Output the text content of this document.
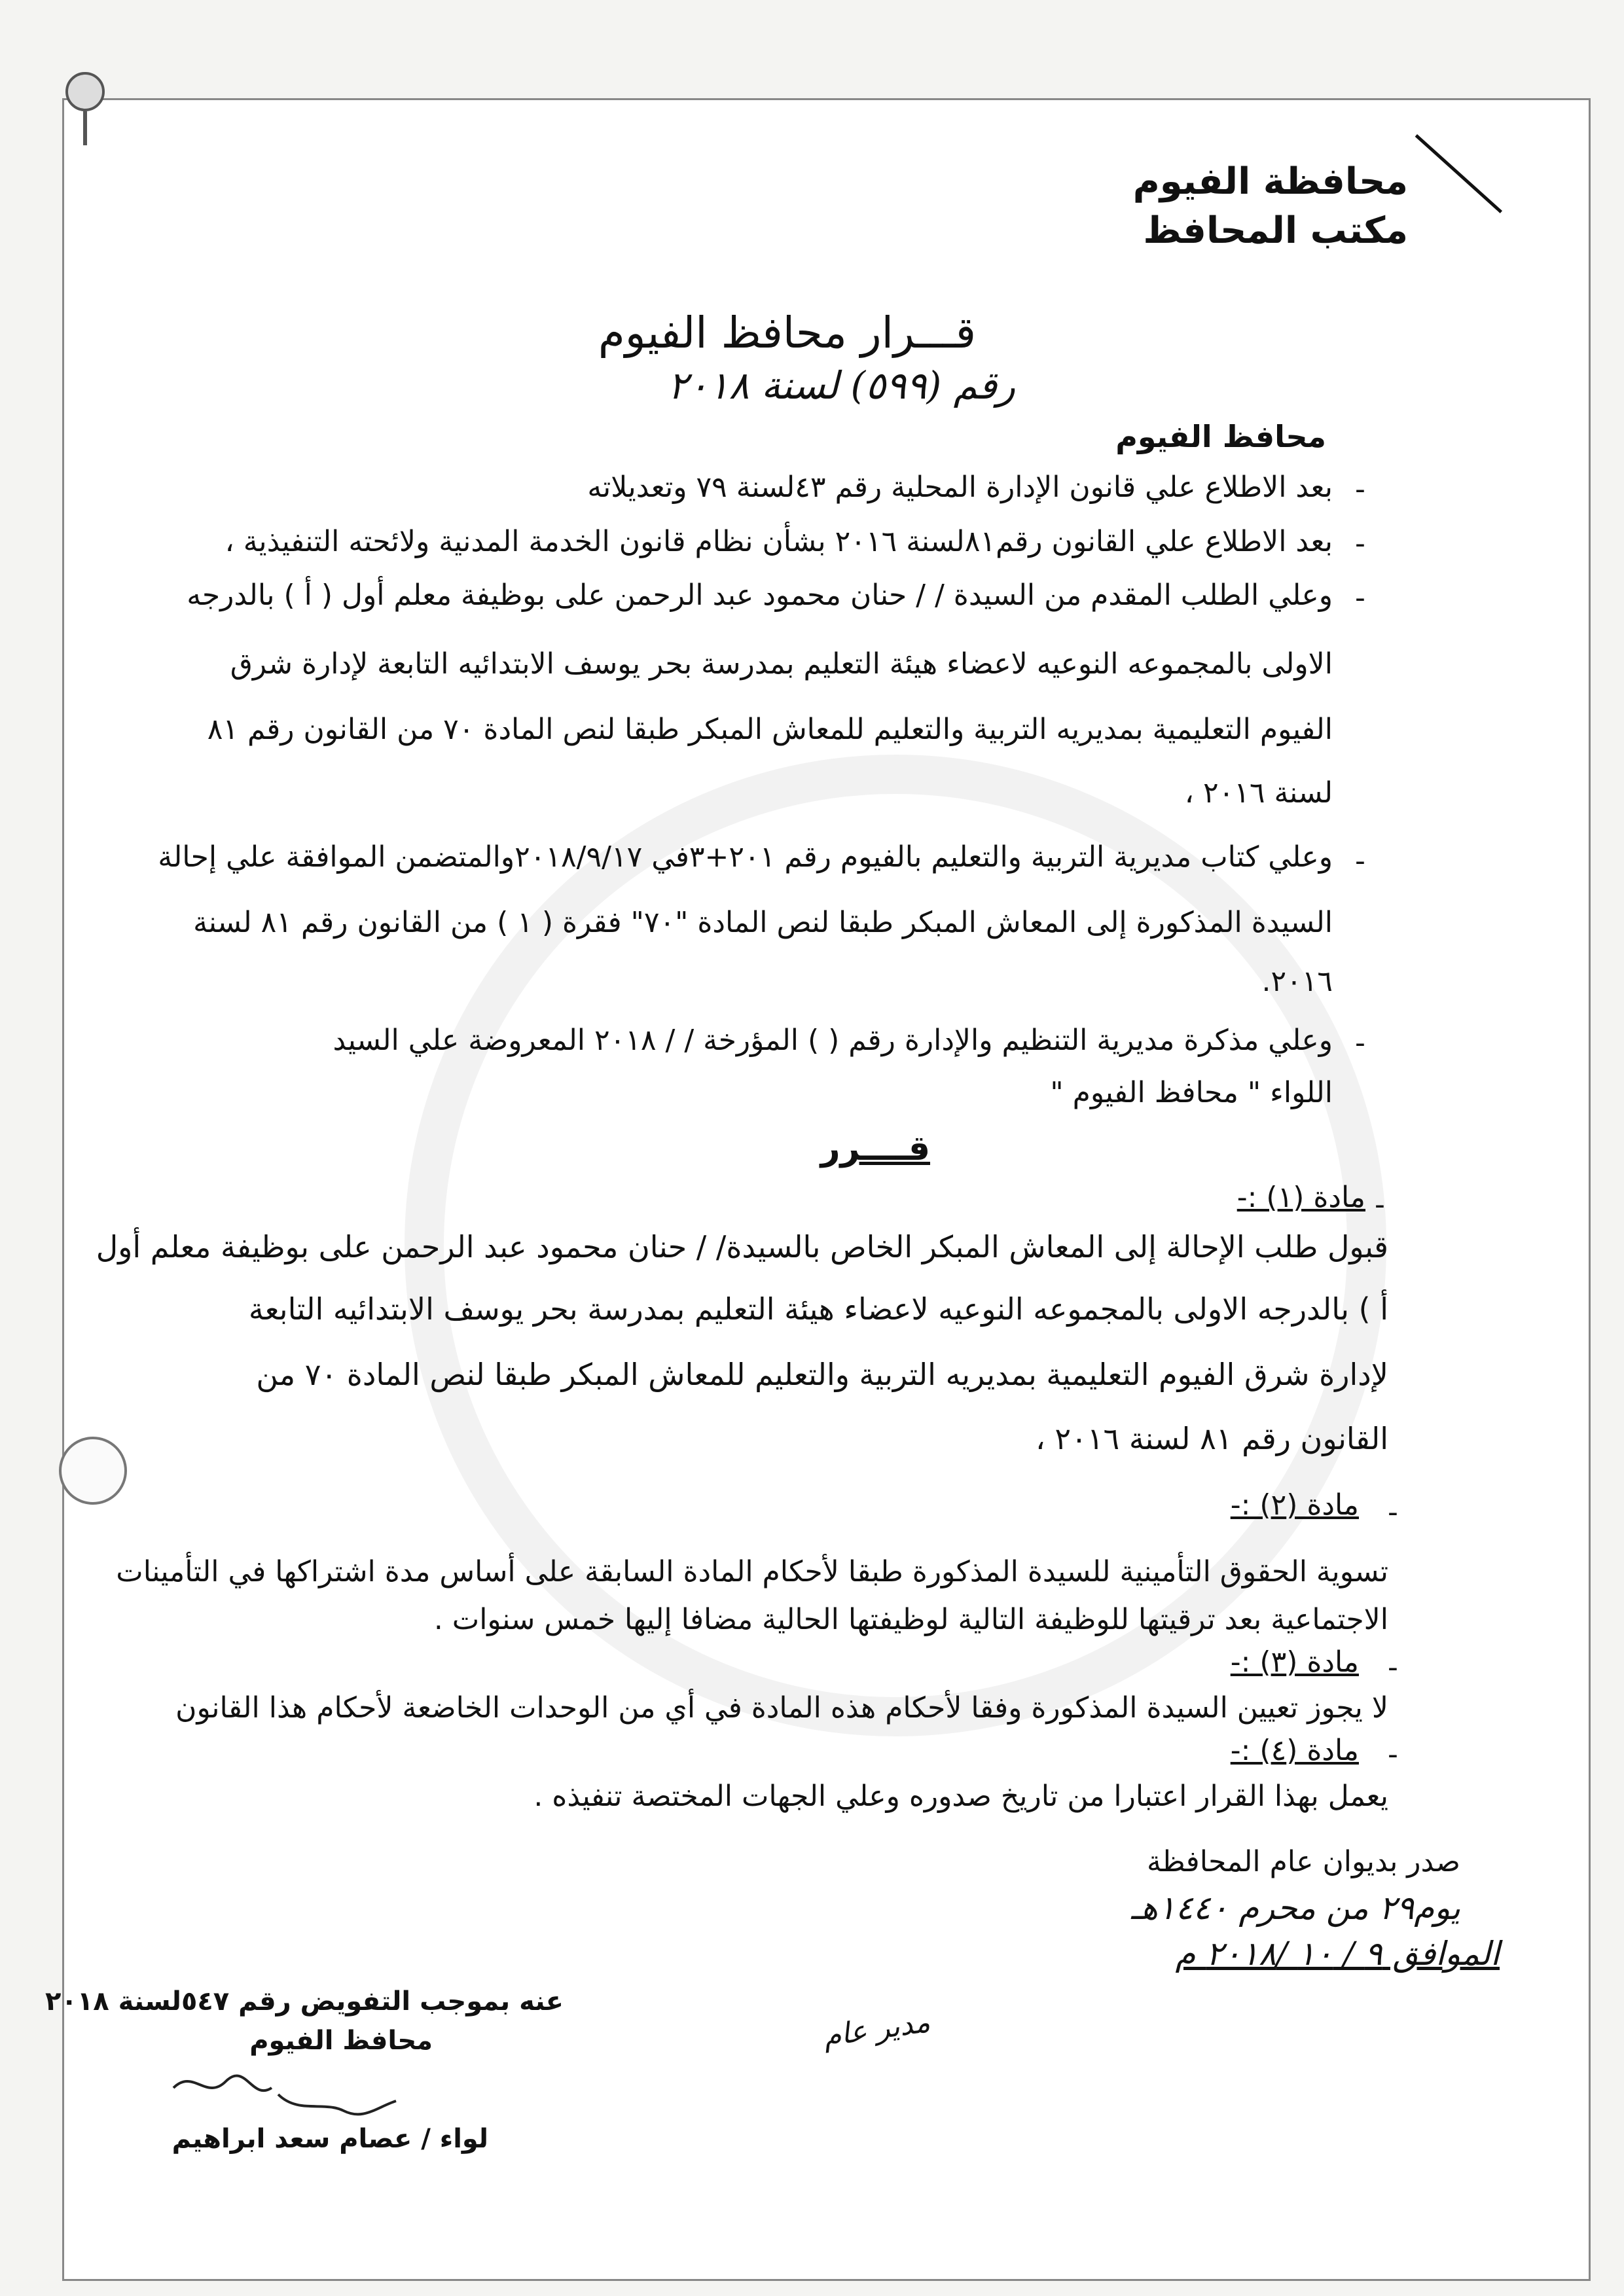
محافظة الفيوم
مكتب المحافظ
قـــرار محافظ الفيوم
رقم (٥٩٩) لسنة ٢٠١٨
محافظ الفيوم
-
بعد الاطلاع علي قانون الإدارة المحلية رقم ٤٣لسنة ٧٩ وتعديلاته
-
بعد الاطلاع علي القانون رقم٨١لسنة ٢٠١٦ بشأن نظام قانون الخدمة المدنية ولائحته التنفيذية ،
-
وعلي الطلب المقدم من السيدة / / حنان محمود عبد الرحمن على بوظيفة معلم أول ( أ ) بالدرجه
الاولى بالمجموعه النوعيه لاعضاء هيئة التعليم بمدرسة بحر يوسف الابتدائيه التابعة لإدارة شرق
الفيوم التعليمية بمديريه التربية والتعليم للمعاش المبكر طبقا لنص المادة ٧٠ من القانون رقم ٨١
لسنة ٢٠١٦ ،
-
وعلي كتاب مديرية التربية والتعليم بالفيوم رقم ٢٠١+٣في ٢٠١٨/٩/١٧والمتضمن الموافقة علي إحالة
السيدة المذكورة إلى المعاش المبكر طبقا لنص المادة "٧٠" فقرة ( ١ ) من القانون رقم ٨١ لسنة
٢٠١٦.
-
وعلي مذكرة مديرية التنظيم والإدارة رقم ( ) المؤرخة / / ٢٠١٨ المعروضة علي السيد
اللواء " محافظ الفيوم "
قــــرر
-
مادة (١) :-
قبول طلب الإحالة إلى المعاش المبكر الخاص بالسيدة/ / حنان محمود عبد الرحمن على بوظيفة معلم أول
أ ) بالدرجه الاولى بالمجموعه النوعيه لاعضاء هيئة التعليم بمدرسة بحر يوسف الابتدائيه التابعة
لإدارة شرق الفيوم التعليمية بمديريه التربية والتعليم للمعاش المبكر طبقا لنص المادة ٧٠ من
القانون رقم ٨١ لسنة ٢٠١٦ ،
-
مادة (٢) :-
تسوية الحقوق التأمينية للسيدة المذكورة طبقا لأحكام المادة السابقة على أساس مدة اشتراكها في التأمينات
الاجتماعية بعد ترقيتها للوظيفة التالية لوظيفتها الحالية مضافا إليها خمس سنوات .
-
مادة (٣) :-
لا يجوز تعيين السيدة المذكورة وفقا لأحكام هذه المادة في أي من الوحدات الخاضعة لأحكام هذا القانون
-
مادة (٤) :-
يعمل بهذا القرار اعتبارا من تاريخ صدوره وعلي الجهات المختصة تنفيذه .
صدر بديوان عام المحافظة
يوم٢٩ من محرم ١٤٤٠هـ
الموافق ٩ / ١٠ /٢٠١٨ م
عنه بموجب التفويض رقم ٥٤٧لسنة ٢٠١٨
محافظ الفيوم
لواء / عصام سعد ابراهيم
مدير عام
